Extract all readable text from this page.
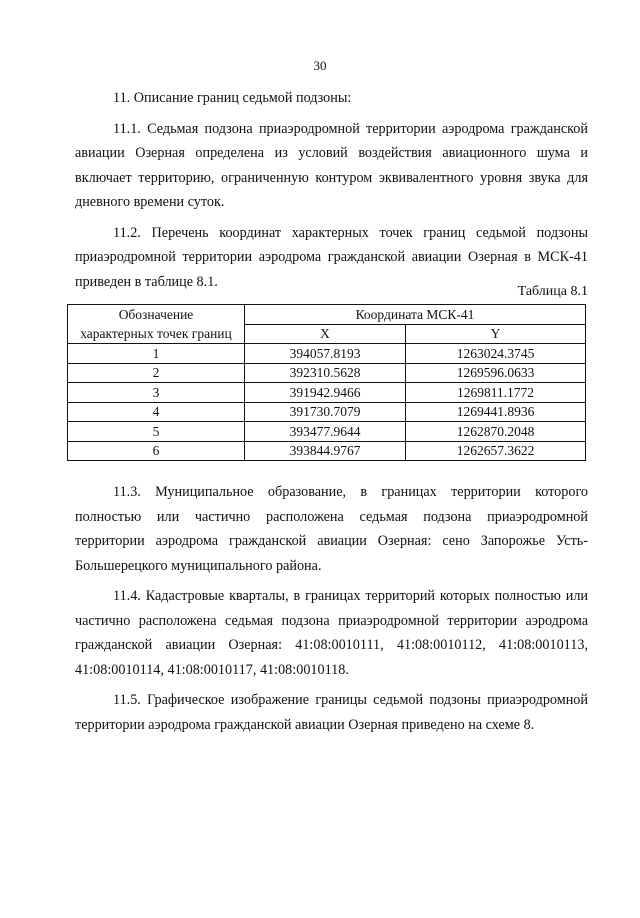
30

11. Описание границ седьмой подзоны:

11.1. Седьмая подзона приаэродромной территории аэродрома гражданской авиации Озерная определена из условий воздействия авиационного шума и включает территорию, ограниченную контуром эквивалентного уровня звука для дневного времени суток.

11.2. Перечень координат характерных точек границ седьмой подзоны приаэродромной территории аэродрома гражданской авиации Озерная в МСК-41 приведен в таблице 8.1.

Таблица 8.1
Обозначение
характерных точек границ	Координата МСК-41	
	X	Y
1	394057.8193	1263024.3745
2	392310.5628	1269596.0633
3	391942.9466	1269811.1772
4	391730.7079	1269441.8936
5	393477.9644	1262870.2048
6	393844.9767	1262657.3622

11.3. Муниципальное образование, в границах территории которого полностью или частично расположена седьмая подзона приаэродромной территории аэродрома гражданской авиации Озерная: сено Запорожье Усть-Большерецкого муниципального района.

11.4. Кадастровые кварталы, в границах территорий которых полностью или частично расположена седьмая подзона приаэродромной территории аэродрома гражданской авиации Озерная: 41:08:0010111, 41:08:0010112, 41:08:0010113, 41:08:0010114, 41:08:0010117, 41:08:0010118.

11.5. Графическое изображение границы седьмой подзоны приаэродромной территории аэродрома гражданской авиации Озерная приведено на схеме 8.
